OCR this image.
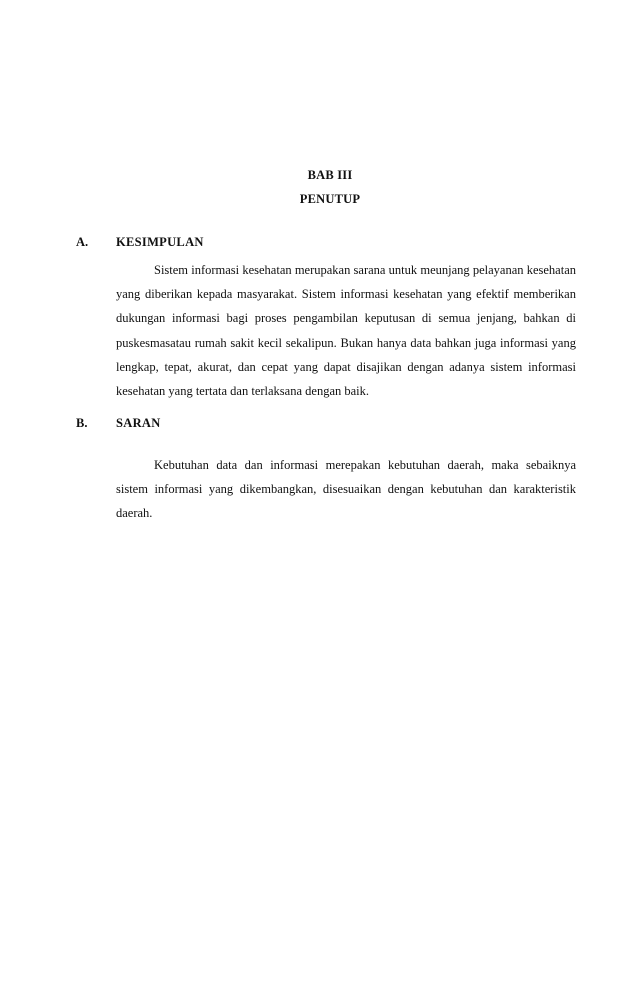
BAB III
PENUTUP
A. KESIMPULAN

Sistem informasi kesehatan merupakan sarana untuk meunjang pelayanan kesehatan yang diberikan kepada masyarakat. Sistem informasi kesehatan yang efektif memberikan dukungan informasi bagi proses pengambilan keputusan di semua jenjang, bahkan di puskesmasatau rumah sakit kecil sekalipun. Bukan hanya data bahkan juga informasi yang lengkap, tepat, akurat, dan cepat yang dapat disajikan dengan adanya sistem informasi kesehatan yang tertata dan terlaksana dengan baik.

B. SARAN

Kebutuhan data dan informasi merepakan kebutuhan daerah, maka sebaiknya sistem informasi yang dikembangkan, disesuaikan dengan kebutuhan dan karakteristik daerah.
